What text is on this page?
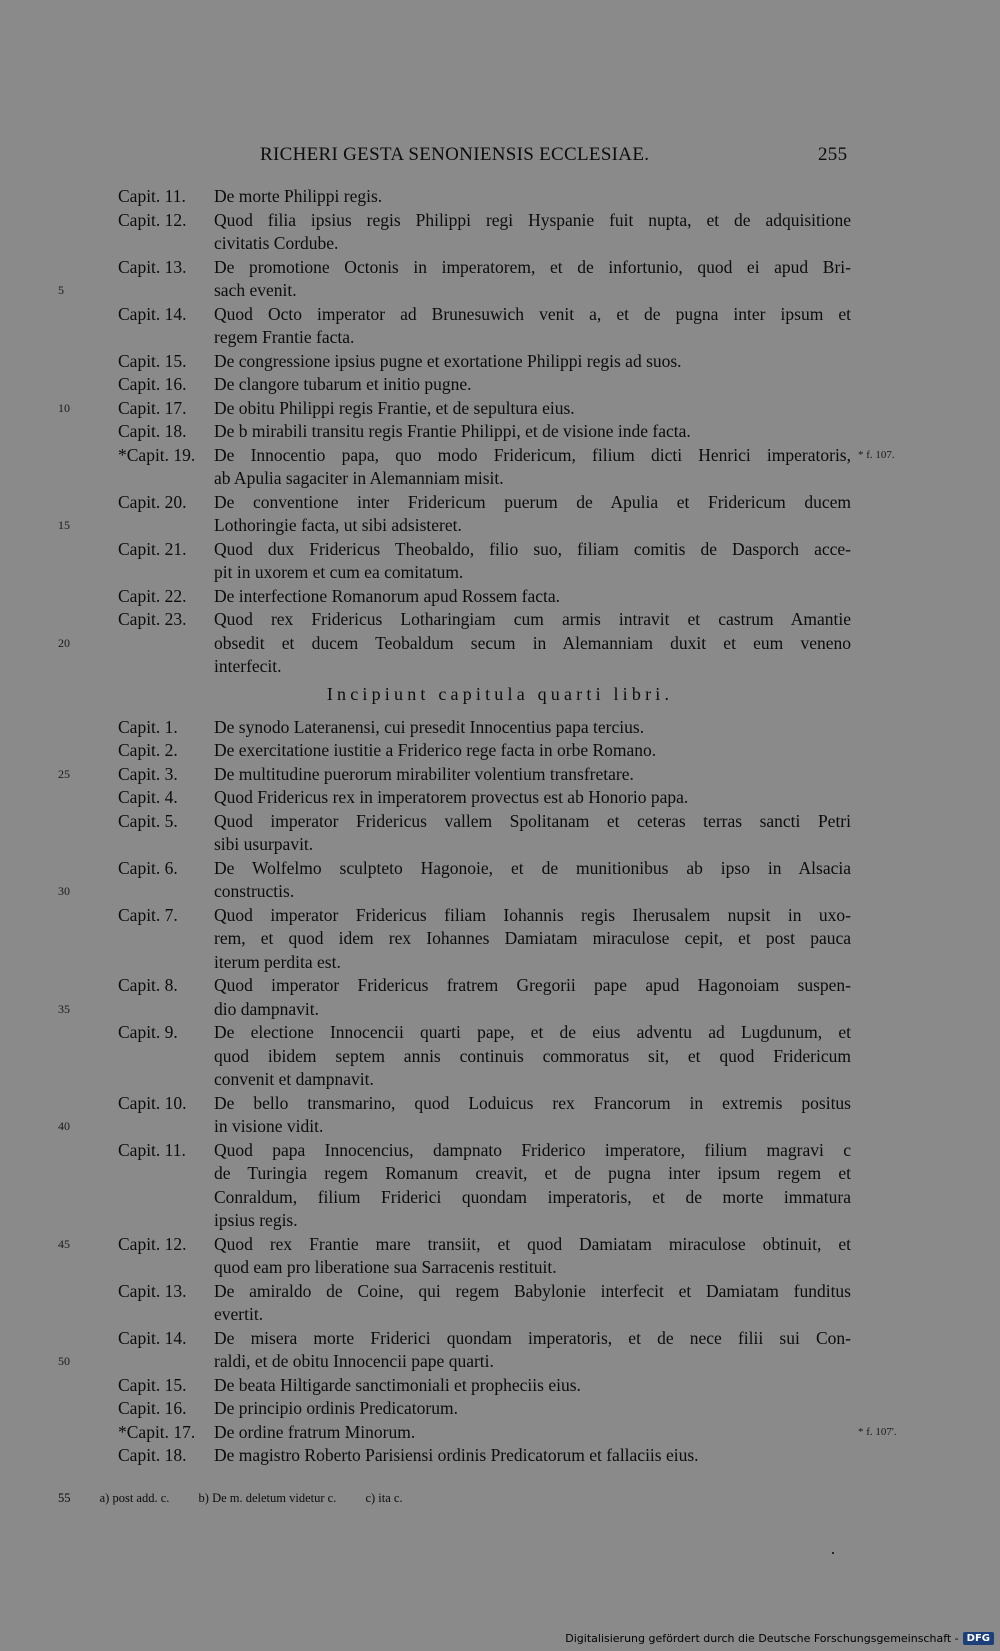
RICHERI GESTA SENONIENSIS ECCLESIAE.	255
Capit. 11. De morte Philippi regis.
Capit. 12. Quod filia ipsius regis Philippi regi Hyspanie fuit nupta, et de adquisitione
civitatis Cordube.
Capit. 13. De promotione Octonis in imperatorem, et de infortunio, quod ei apud Bri-
sach evenit.
5
Capit. 14. Quod Octo imperator ad Brunesuwich venit a, et de pugna inter ipsum et
regem Frantie facta.
Capit. 15. De congressione ipsius pugne et exortatione Philippi regis ad suos.
Capit. 16. De clangore tubarum et initio pugne.
Capit. 17. De obitu Philippi regis Frantie, et de sepultura eius.
10
Capit. 18. De b mirabili transitu regis Frantie Philippi, et de visione inde facta.
*Capit. 19. De Innocentio papa, quo modo Fridericum, filium dicti Henrici imperatoris, * f. 107.
ab Apulia sagaciter in Alemanniam misit.
Capit. 20. De conventione inter Fridericum puerum de Apulia et Fridericum ducem
Lothoringie facta, ut sibi adsisteret.
15
Capit. 21. Quod dux Fridericus Theobaldo, filio suo, filiam comitis de Dasporch acce-
pit in uxorem et cum ea comitatum.
Capit. 22. De interfectione Romanorum apud Rossem facta.
Capit. 23. Quod rex Fridericus Lotharingiam cum armis intravit et castrum Amantie
obsedit et ducem Teobaldum secum in Alemanniam duxit et eum veneno
20
interfecit.
Capit. 1. De synodo Lateranensi, cui presedit Innocentius papa tercius.
Capit. 2. De exercitatione iustitie a Friderico rege facta in orbe Romano.
Capit. 3. De multitudine puerorum mirabiliter volentium transfretare.
25
Capit. 4. Quod Fridericus rex in imperatorem provectus est ab Honorio papa.
Capit. 5. Quod imperator Fridericus vallem Spolitanam et ceteras terras sancti Petri
sibi usurpavit.
Capit. 6. De Wolfelmo sculpteto Hagonoie, et de munitionibus ab ipso in Alsacia
constructis.
30
Capit. 7. Quod imperator Fridericus filiam Iohannis regis Iherusalem nupsit in uxo-
rem, et quod idem rex Iohannes Damiatam miraculose cepit, et post pauca
iterum perdita est.
Capit. 8. Quod imperator Fridericus fratrem Gregorii pape apud Hagonoiam suspen-
dio dampnavit.
35
Capit. 9. De electione Innocencii quarti pape, et de eius adventu ad Lugdunum, et
quod ibidem septem annis continuis commoratus sit, et quod Fridericum
convenit et dampnavit.
Capit. 10. De bello transmarino, quod Loduicus rex Francorum in extremis positus
in visione vidit.
40
Capit. 11. Quod papa Innocencius, dampnato Friderico imperatore, filium magravi c
de Turingia regem Romanum creavit, et de pugna inter ipsum regem et
Conraldum, filium Friderici quondam imperatoris, et de morte immatura
ipsius regis.
Capit. 12. Quod rex Frantie mare transiit, et quod Damiatam miraculose obtinuit, et
45
quod eam pro liberatione sua Sarracenis restituit.
Capit. 13. De amiraldo de Coine, qui regem Babylonie interfecit et Damiatam funditus
evertit.
Capit. 14. De misera morte Friderici quondam imperatoris, et de nece filii sui Con-
raldi, et de obitu Innocencii pape quarti.
50
Capit. 15. De beata Hiltigarde sanctimoniali et propheciis eius.
Capit. 16. De principio ordinis Predicatorum.
*Capit. 17. De ordine fratrum Minorum.	* f. 107'.
Capit. 18. De magistro Roberto Parisiensi ordinis Predicatorum et fallaciis eius.
Incipiunt capitula quarti libri.
55 a) post add. c. b) De m. deletum videtur c. c) ita c.
Digitalisierung gefördert durch die Deutsche Forschungsgemeinschaft - DFG
